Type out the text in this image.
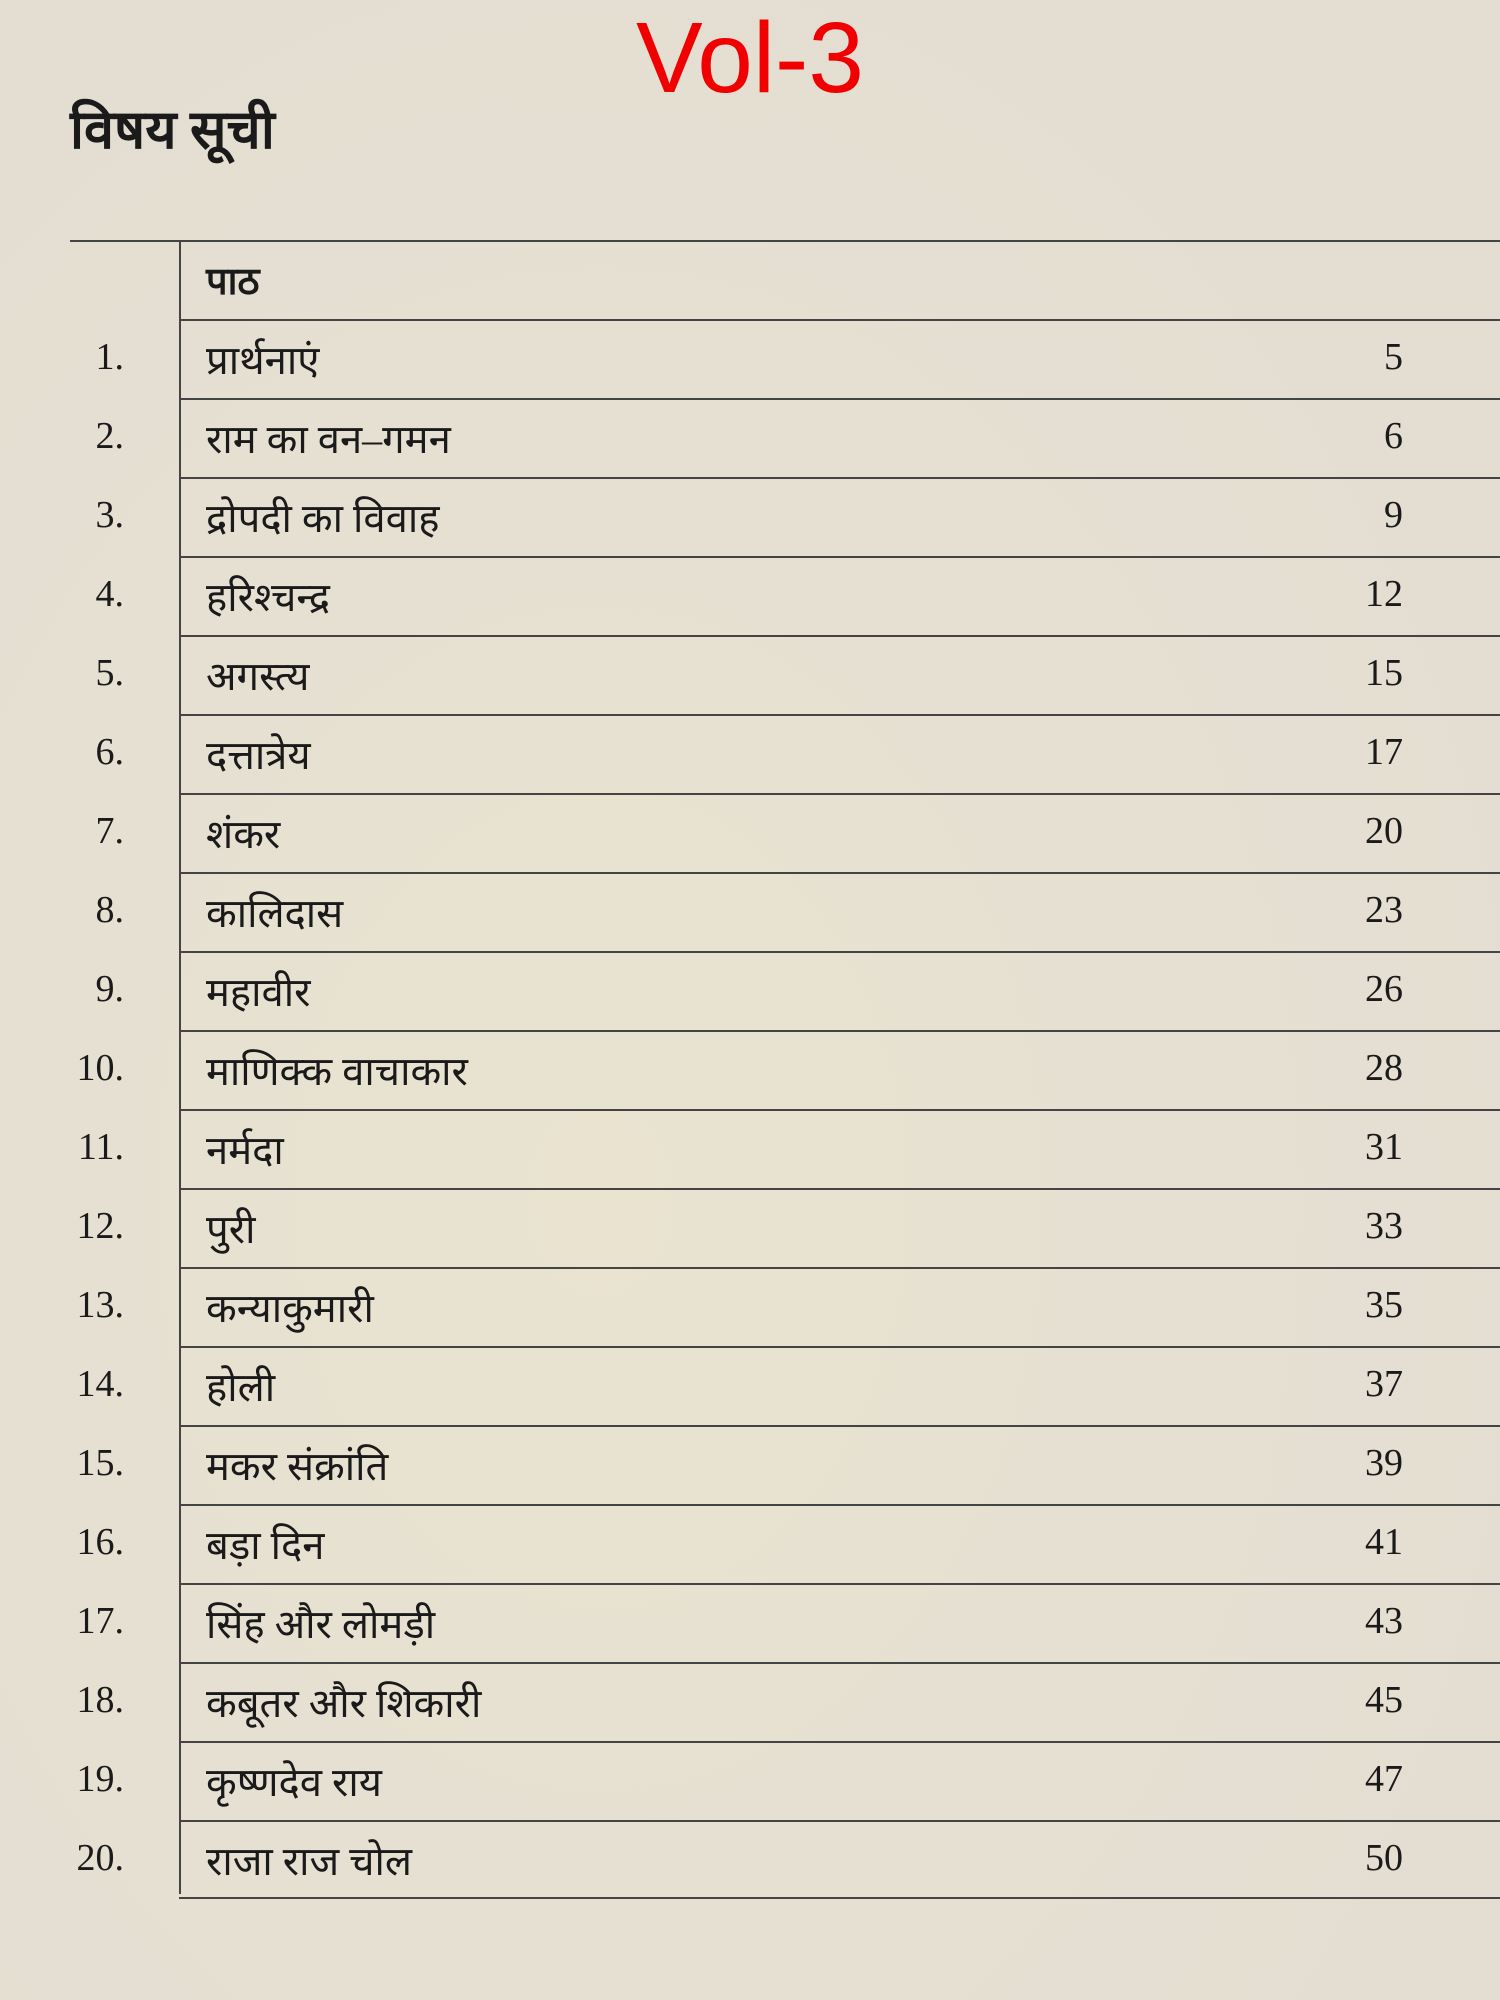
Vol-3
विषय सूची
पाठ
1. प्रार्थनाएं	5
2. राम का वन–गमन	6
3. द्रोपदी का विवाह	9
4. हरिश्चन्द्र	12
5. अगस्त्य	15
6. दत्तात्रेय	17
7. शंकर	20
8. कालिदास	23
9. महावीर	26
10. माणिक्क वाचाकार	28
11. नर्मदा	31
12. पुरी	33
13. कन्याकुमारी	35
14. होली	37
15. मकर संक्रांति	39
16. बड़ा दिन	41
17. सिंह और लोमड़ी	43
18. कबूतर और शिकारी	45
19. कृष्णदेव राय	47
20. राजा राज चोल	50
